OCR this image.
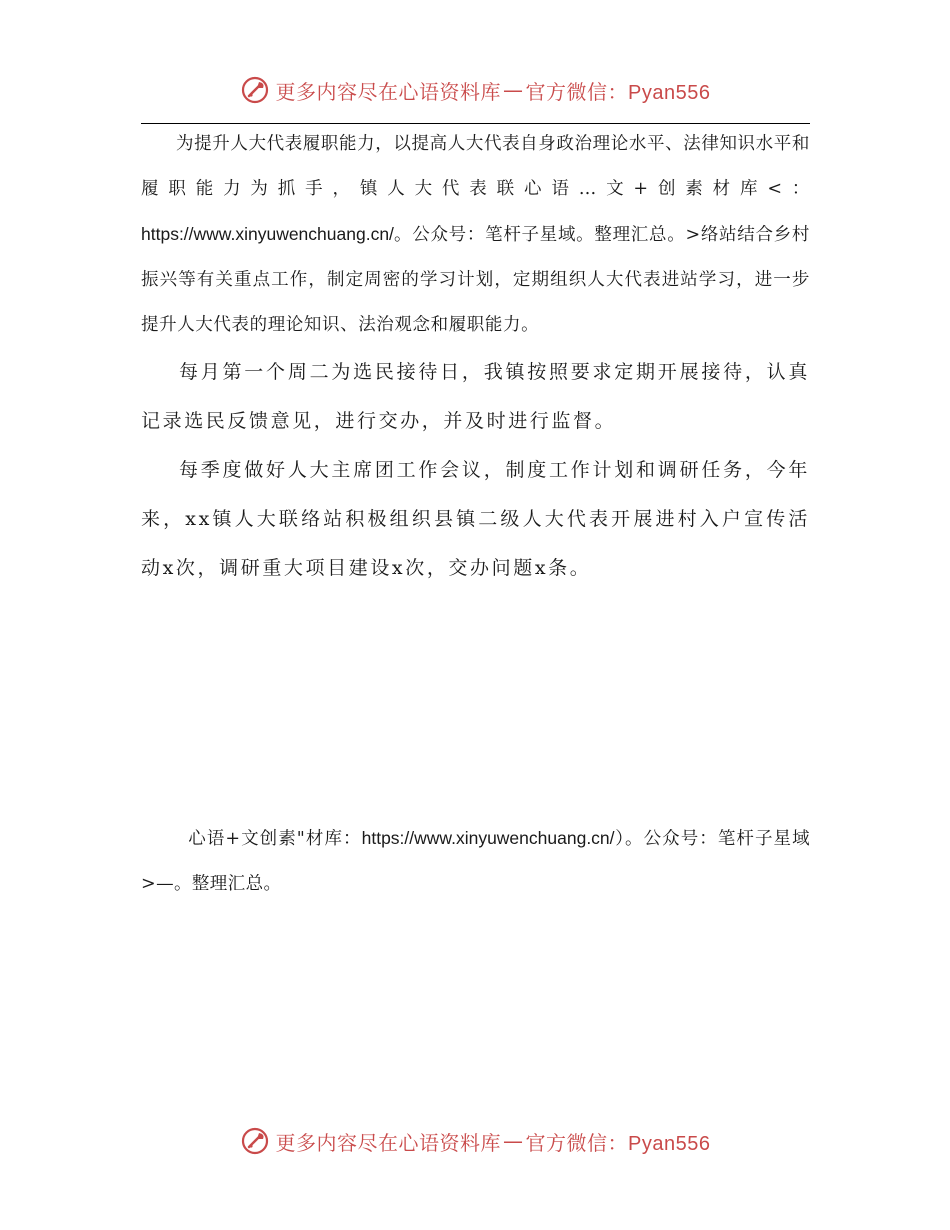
更多内容尽在心语资料库 — 官方微信：Pyan556

为提升人大代表履职能力，以提高人大代表自身政治理论水平、法律知识水平和履职能力为抓手，镇人大代表联心语…文+创素材库<：https://www.xinyuwenchuang.cn/。公众号：笔杆子星域。整理汇总。>络站结合乡村振兴等有关重点工作，制定周密的学习计划，定期组织人大代表进站学习，进一步提升人大代表的理论知识、法治观念和履职能力。

每月第一个周二为选民接待日，我镇按照要求定期开展接待，认真记录选民反馈意见，进行交办，并及时进行监督。

每季度做好人大主席团工作会议，制度工作计划和调研任务，今年来，xx镇人大联络站积极组织县镇二级人大代表开展进村入户宣传活动x次，调研重大项目建设x次，交办问题x条。

心语+文创素"材库：https://www.xinyuwenchuang.cn/）。公众号：笔杆子星域>—。整理汇总。
更多内容尽在心语资料库 — 官方微信：Pyan556
